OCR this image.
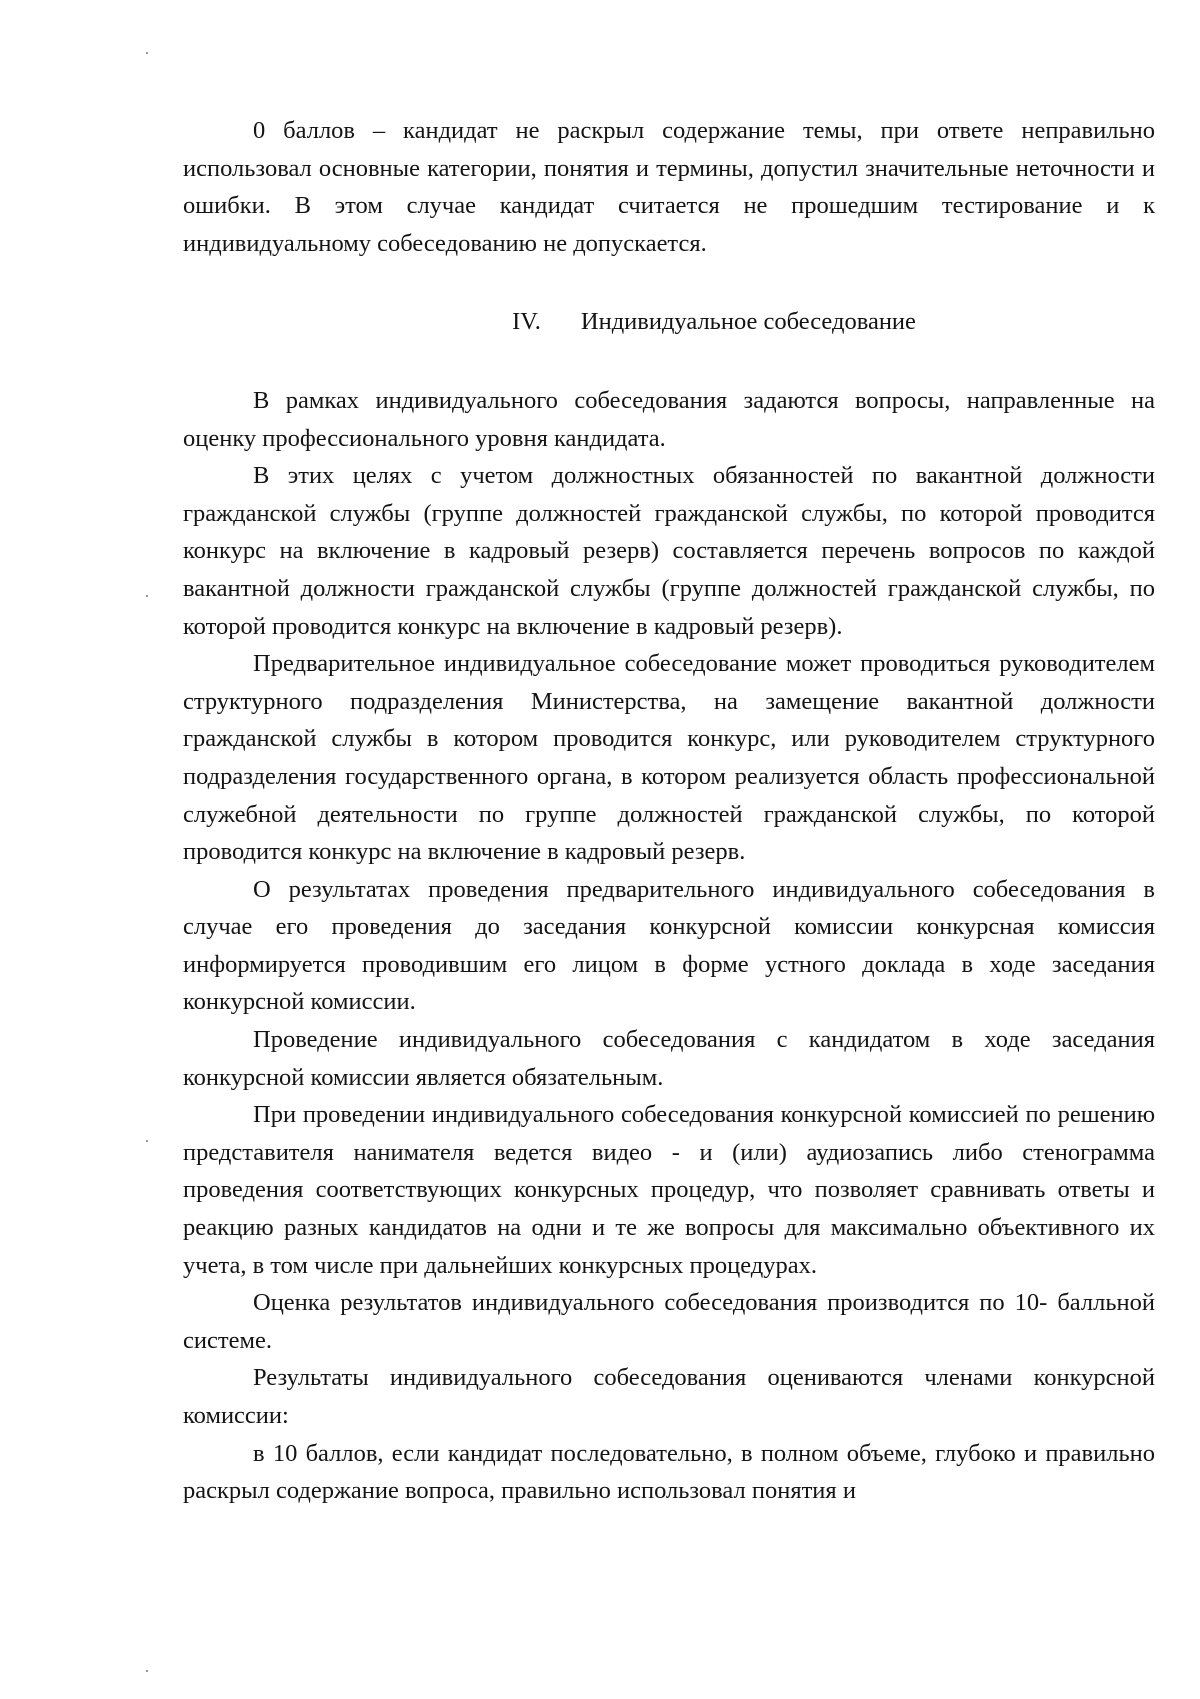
0 баллов – кандидат не раскрыл содержание темы, при ответе неправильно использовал основные категории, понятия и термины, допустил значительные неточности и ошибки. В этом случае кандидат считается не прошедшим тестирование и к индивидуальному собеседованию не допускается.

IV. Индивидуальное собеседование

В рамках индивидуального собеседования задаются вопросы, направленные на оценку профессионального уровня кандидата.

В этих целях с учетом должностных обязанностей по вакантной должности гражданской службы (группе должностей гражданской службы, по которой проводится конкурс на включение в кадровый резерв) составляется перечень вопросов по каждой вакантной должности гражданской службы (группе должностей гражданской службы, по которой проводится конкурс на включение в кадровый резерв).

Предварительное индивидуальное собеседование может проводиться руководителем структурного подразделения Министерства, на замещение вакантной должности гражданской службы в котором проводится конкурс, или руководителем структурного подразделения государственного органа, в котором реализуется область профессиональной служебной деятельности по группе должностей гражданской службы, по которой проводится конкурс на включение в кадровый резерв.

О результатах проведения предварительного индивидуального собеседования в случае его проведения до заседания конкурсной комиссии конкурсная комиссия информируется проводившим его лицом в форме устного доклада в ходе заседания конкурсной комиссии.

Проведение индивидуального собеседования с кандидатом в ходе заседания конкурсной комиссии является обязательным.

При проведении индивидуального собеседования конкурсной комиссией по решению представителя нанимателя ведется видео - и (или) аудиозапись либо стенограмма проведения соответствующих конкурсных процедур, что позволяет сравнивать ответы и реакцию разных кандидатов на одни и те же вопросы для максимально объективного их учета, в том числе при дальнейших конкурсных процедурах.

Оценка результатов индивидуального собеседования производится по 10- балльной системе.

Результаты индивидуального собеседования оцениваются членами конкурсной комиссии:

в 10 баллов, если кандидат последовательно, в полном объеме, глубоко и правильно раскрыл содержание вопроса, правильно использовал понятия и
